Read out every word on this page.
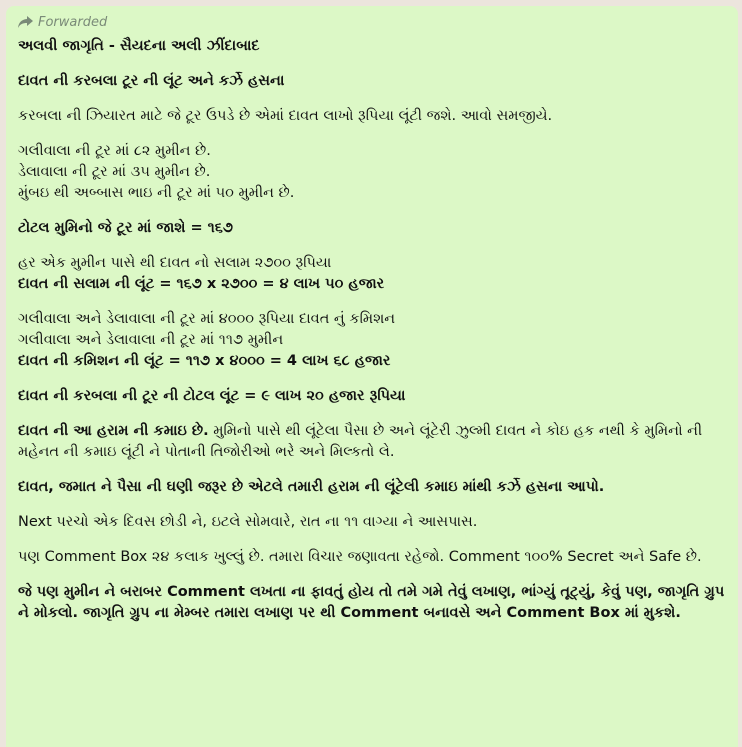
Forwarded
અલવી જાગૃતિ - સૈયદના અલી ઝીંદાબાદ
દાવત ની કરબલા ટૂર ની લૂંટ અને કર્ઝે હસના
કરબલા ની ઝિયારત માટે જે ટૂર ઉપડે છે એમાં દાવત લાખો રૂપિયા લૂંટી જશે. આવો સમજીયે.
ગલીવાલા ની ટૂર માં ૮૨ મુમીન છે.
ડેલાવાલા ની ટૂર માં ૩૫ મુમીન છે.
મુંબઇ થી અબ્બાસ ભાઇ ની ટૂર માં ૫૦ મુમીન છે.
ટોટલ મુમિનો જે ટૂર માં જાશે = ૧૬૭
હર એક મુમીન પાસે થી દાવત નો સલામ ૨૭૦૦ રૂપિયા
દાવત ની સલામ ની લૂંટ = ૧૬૭ x ૨૭૦૦ = ૪ લાખ ૫૦ હજાર
ગલીવાલા અને ડેલાવાલા ની ટૂર માં ૪૦૦૦ રૂપિયા દાવત નું કમિશન
ગલીવાલા અને ડેલાવાલા ની ટૂર માં ૧૧૭ મુમીન
દાવત ની કમિશન ની લૂંટ = ૧૧૭ x ૪૦૦૦ = 4 લાખ ૬૮ હજાર
દાવત ની કરબલા ની ટૂર ની ટોટલ લૂંટ = ૯ લાખ ૨૦ હજાર રૂપિયા
દાવત ની આ હરામ ની કમાઇ છે. મુમિનો પાસે થી લૂંટેલા પૈસા છે અને લૂંટેરી ઝુલ્મી દાવત ને કોઇ હક નથી કે મુમિનો ની મહેનત ની કમાઇ લૂંટી ને પોતાની તિજોરીઓ ભરે અને મિલ્કતો લે.
દાવત, જમાત ને પૈસા ની ઘણી જરૂર છે એટલે તમારી હરામ ની લૂંટેલી કમાઇ માંથી કર્ઝે હસના આપો.
Next પરચો એક દિવસ છોડી ને, ઇટલે સોમવારે, રાત ના ૧૧ વાગ્યા ને આસપાસ.
પણ Comment Box ૨૪ કલાક ખુલ્લું છે. તમારા વિચાર જણાવતા રહેજો. Comment ૧૦૦% Secret અને Safe છે.
જે પણ મુમીન ને બરાબર Comment લખતા ના ફાવતું હોય તો તમે ગમે તેવું લખાણ, ભાંગ્યું તૂટ્યું, કેવું પણ, જાગૃતિ ગ્રુપ ને મોકલો. જાગૃતિ ગ્રુપ ના મેમ્બર તમારા લખાણ પર થી Comment બનાવસે અને Comment Box માં મુકશે.
